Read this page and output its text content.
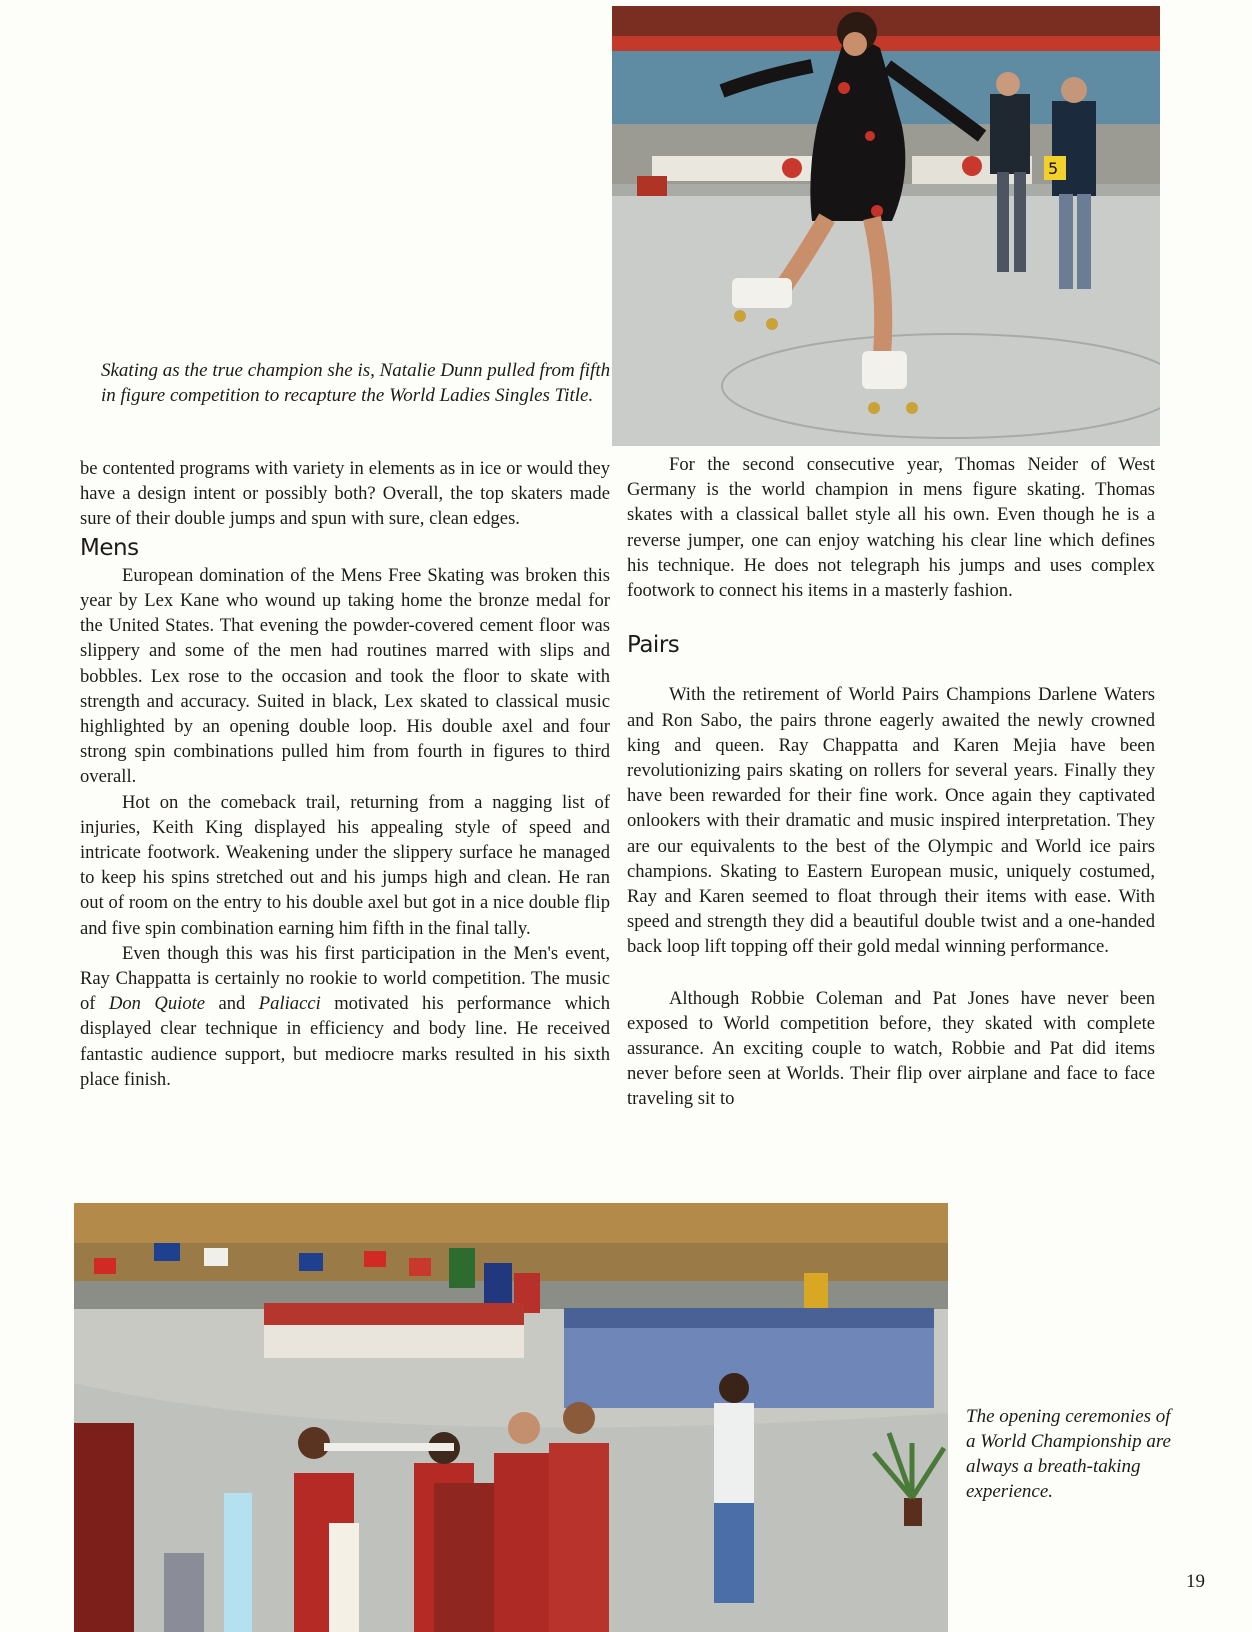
5
Skating as the true champion she is, Natalie Dunn pulled from fifth in figure competition to recapture the World Ladies Singles Title.

be contented programs with variety in elements as in ice or would they have a design intent or possibly both? Overall, the top skaters made sure of their double jumps and spun with sure, clean edges.

Mens

European domination of the Mens Free Skating was broken this year by Lex Kane who wound up taking home the bronze medal for the United States. That evening the powder-covered cement floor was slippery and some of the men had routines marred with slips and bobbles. Lex rose to the occasion and took the floor to skate with strength and accuracy. Suited in black, Lex skated to classical music highlighted by an opening double loop. His double axel and four strong spin combinations pulled him from fourth in figures to third overall.

Hot on the comeback trail, returning from a nagging list of injuries, Keith King displayed his appealing style of speed and intricate footwork. Weakening under the slippery surface he managed to keep his spins stretched out and his jumps high and clean. He ran out of room on the entry to his double axel but got in a nice double flip and five spin combination earning him fifth in the final tally.

Even though this was his first participation in the Men's event, Ray Chappatta is certainly no rookie to world competition. The music of Don Quiote and Paliacci motivated his performance which displayed clear technique in efficiency and body line. He received fantastic audience support, but mediocre marks resulted in his sixth place finish.

For the second consecutive year, Thomas Neider of West Germany is the world champion in mens figure skating. Thomas skates with a classical ballet style all his own. Even though he is a reverse jumper, one can enjoy watching his clear line which defines his technique. He does not telegraph his jumps and uses complex footwork to connect his items in a masterly fashion.

Pairs

With the retirement of World Pairs Champions Darlene Waters and Ron Sabo, the pairs throne eagerly awaited the newly crowned king and queen. Ray Chappatta and Karen Mejia have been revolutionizing pairs skating on rollers for several years. Finally they have been rewarded for their fine work. Once again they captivated onlookers with their dramatic and music inspired interpretation. They are our equivalents to the best of the Olympic and World ice pairs champions. Skating to Eastern European music, uniquely costumed, Ray and Karen seemed to float through their items with ease. With speed and strength they did a beautiful double twist and a one-handed back loop lift topping off their gold medal winning performance.

Although Robbie Coleman and Pat Jones have never been exposed to World competition before, they skated with complete assurance. An exciting couple to watch, Robbie and Pat did items never before seen at Worlds. Their flip over airplane and face to face traveling sit to

The opening ceremonies of a World Championship are always a breath-taking experience.
19
